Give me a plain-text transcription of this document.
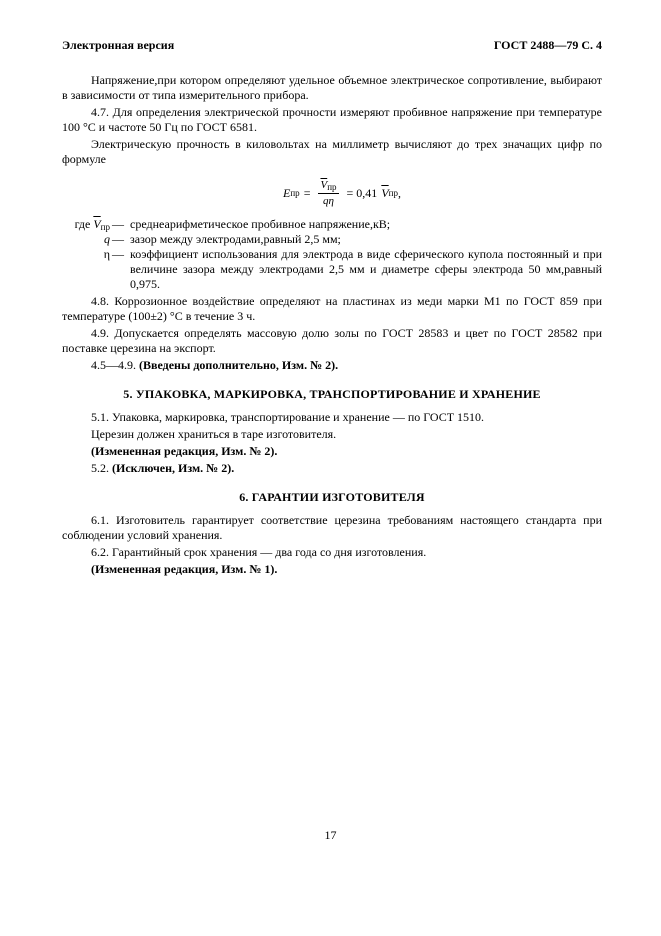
Электронная версия	ГОСТ 2488—79 С. 4

Напряжение,при котором определяют удельное объемное электрическое сопротивление, выбирают в зависимости от типа измерительного прибора.

4.7. Для определения электрической прочности измеряют пробивное напряжение при температуре 100 °С и частоте 50 Гц по ГОСТ 6581.

Электрическую прочность в киловольтах на миллиметр вычисляют до трех значащих цифр по формуле

E пр = $\frac{\overline{V}_{пр}}{q\eta} = 0,41$ $\overline{V}$ пр ,
где $\overline{V}_{пр}$ — среднеарифметическое пробивное напряжение,кВ;
q — зазор между электродами,равный 2,5 мм;
η — коэффициент использования для электрода в виде сферического купола постоянный и при величине зазора между электродами 2,5 мм и диаметре сферы электрода 50 мм,равный 0,975.

4.8. Коррозионное воздействие определяют на пластинах из меди марки М1 по ГОСТ 859 при температуре (100±2) °С в течение 3 ч.

4.9. Допускается определять массовую долю золы по ГОСТ 28583 и цвет по ГОСТ 28582 при поставке церезина на экспорт.

4.5—4.9. (Введены дополнительно, Изм. № 2).

5. УПАКОВКА, МАРКИРОВКА, ТРАНСПОРТИРОВАНИЕ И ХРАНЕНИЕ

5.1. Упаковка, маркировка, транспортирование и хранение — по ГОСТ 1510.

Церезин должен храниться в таре изготовителя.

(Измененная редакция, Изм. № 2).

5.2. (Исключен, Изм. № 2).

6. ГАРАНТИИ ИЗГОТОВИТЕЛЯ

6.1. Изготовитель гарантирует соответствие церезина требованиям настоящего стандарта при соблюдении условий хранения.

6.2. Гарантийный срок хранения — два года со дня изготовления.

(Измененная редакция, Изм. № 1).

17
